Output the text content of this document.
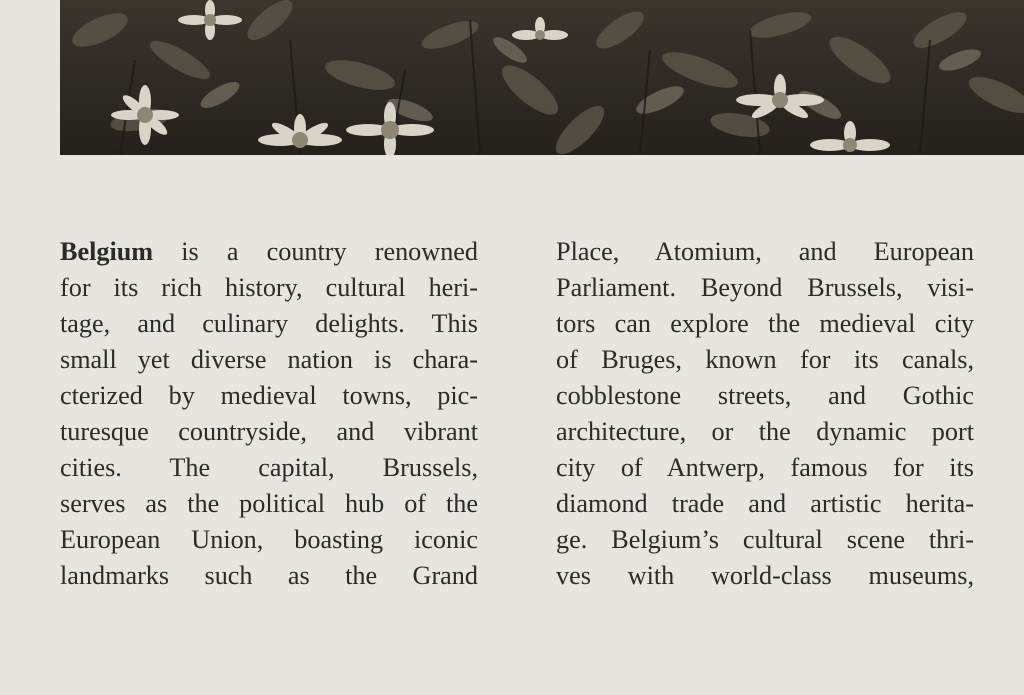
Belgium is a country renowned
for its rich history, cultural heri-
tage, and culinary delights. This
small yet diverse nation is chara-
cterized by medieval towns, pic-
turesque countryside, and vibrant
cities. The capital, Brussels,
serves as the political hub of the
European Union, boasting iconic
landmarks such as the Grand
Place, Atomium, and European
Parliament. Beyond Brussels, visi-
tors can explore the medieval city
of Bruges, known for its canals,
cobblestone streets, and Gothic
architecture, or the dynamic port
city of Antwerp, famous for its
diamond trade and artistic herita-
ge. Belgium’s cultural scene thri-
ves with world-class museums,
